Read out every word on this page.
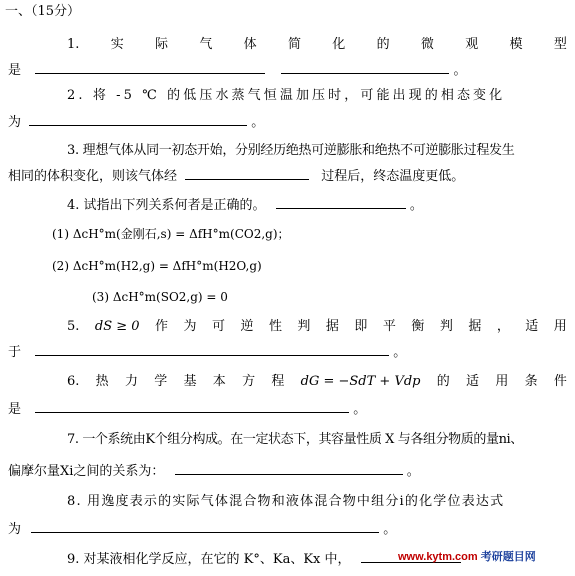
一、（15分）
1. 实 际 气 体 简 化 的 微 观 模 型
是	。
2. 将 -5 ℃ 的低压水蒸气恒温加压时，可能出现的相态变化
为	。
3. 理想气体从同一初态开始，分别经历绝热可逆膨胀和绝热不可逆膨胀过程发生
相同的体积变化，则该气体经	过程后，终态温度更低。
4. 试指出下列关系何者是正确的。	。
(1) ΔcH°m(金刚石,s) = ΔfH°m(CO2,g)；
(2) ΔcH°m(H2,g) = ΔfH°m(H2O,g)
(3) ΔcH°m(SO2,g) = 0
5. dS ≥ 0 作 为 可 逆 性 判 据 即 平 衡 判 据 ， 适 用
于	。
6. 热 力 学 基 本 方 程 dG = −SdT + Vdp 的 适 用 条 件
是	。
7. 一个系统由K个组分构成。在一定状态下，其容量性质 X 与各组分物质的量ni、
偏摩尔量Xi之间的关系为：	。
8. 用逸度表示的实际气体混合物和液体混合物中组分i的化学位表达式
为	。
9. 对某液相化学反应，在它的 K°、Ka、Kx 中，	www.kytm.com 考研题目网
